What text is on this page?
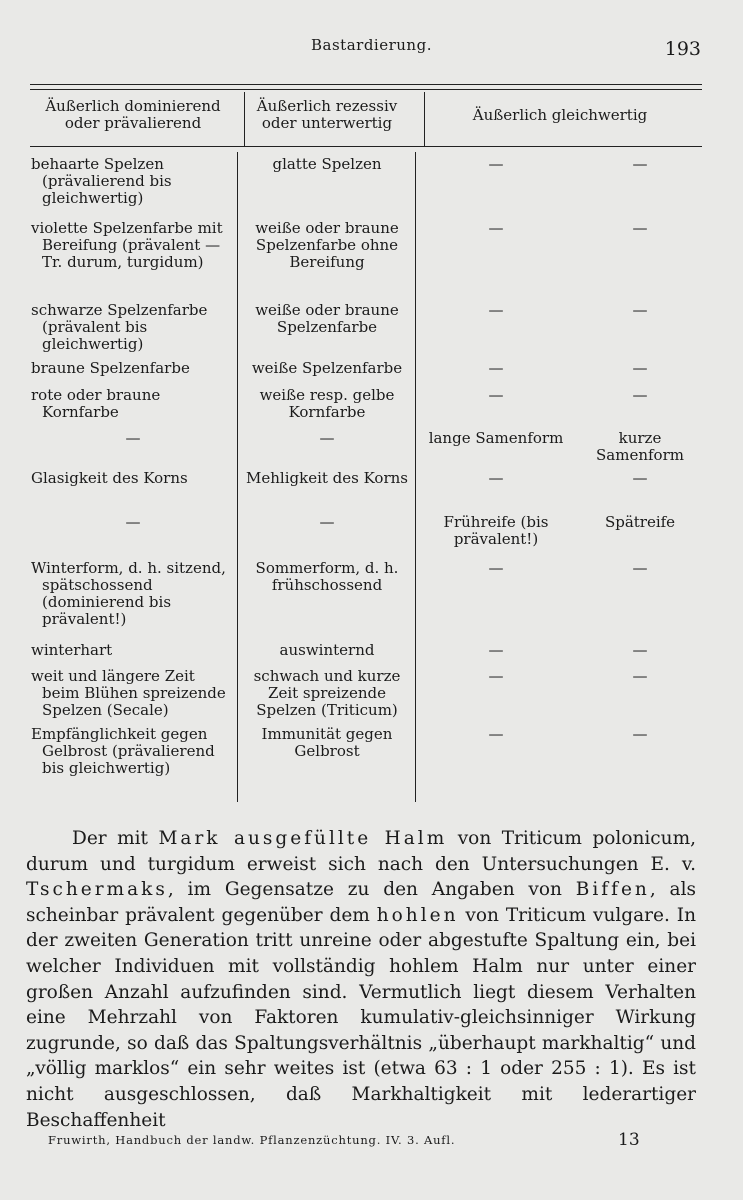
Bastardierung.	193
Äußerlich dominierend oder prävalierend	Äußerlich rezessiv oder unterwertig	Äußerlich gleichwertig	

behaarte Spelzen (prävalierend bis gleichwertig)	glatte Spelzen	—	—
violette Spelzenfarbe mit Bereifung (prävalent — Tr. durum, turgidum)	weiße oder braune Spelzenfarbe ohne Bereifung	—	—
schwarze Spelzenfarbe (prävalent bis gleichwertig)	weiße oder braune Spelzenfarbe	—	—
braune Spelzenfarbe	weiße Spelzenfarbe	—	—
rote oder braune Kornfarbe	weiße resp. gelbe Kornfarbe	—	—
—	—	lange Samenform	kurze Samenform
Glasigkeit des Korns	Mehligkeit des Korns	—	—
—	—	Frühreife (bis prävalent!)	Spätreife
Winterform, d. h. sitzend, spätschossend (dominierend bis prävalent!)	Sommerform, d. h. frühschossend	—	—
winterhart	auswinternd	—	—
weit und längere Zeit beim Blühen spreizende Spelzen (Secale)	schwach und kurze Zeit spreizende Spelzen (Triticum)	—	—
Empfänglichkeit gegen Gelbrost (prävalierend bis gleichwertig)	Immunität gegen Gelbrost	—	—

Der mit Mark ausgefüllte Halm von Triticum polonicum, durum und turgidum erweist sich nach den Untersuchungen E. v. Tschermaks, im Gegensatze zu den Angaben von Biffen, als scheinbar prävalent gegenüber dem hohlen von Triticum vulgare. In der zweiten Generation tritt unreine oder abgestufte Spaltung ein, bei welcher Individuen mit vollständig hohlem Halm nur unter einer großen Anzahl aufzufinden sind. Vermutlich liegt diesem Verhalten eine Mehrzahl von Faktoren kumulativ-gleichsinniger Wirkung zugrunde, so daß das Spaltungsverhältnis „überhaupt markhaltig“ und „völlig marklos“ ein sehr weites ist (etwa 63 : 1 oder 255 : 1). Es ist nicht ausgeschlossen, daß Markhaltigkeit mit lederartiger Beschaffenheit

Fruwirth, Handbuch der landw. Pflanzenzüchtung. IV. 3. Aufl.	13
